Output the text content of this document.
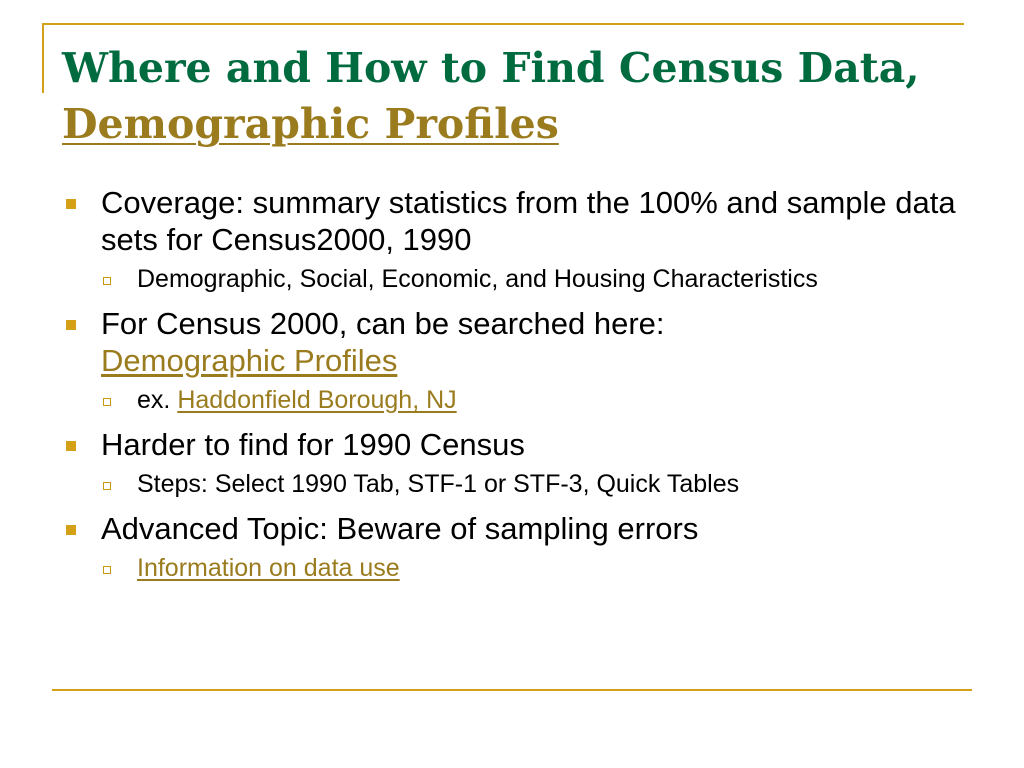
Where and How to Find Census Data,
Demographic Profiles
Coverage: summary statistics from the 100% and sample data sets for Census2000, 1990
Demographic, Social, Economic, and Housing Characteristics
For Census 2000, can be searched here:
Demographic Profiles
ex. Haddonfield Borough, NJ
Harder to find for 1990 Census
Steps: Select 1990 Tab, STF-1 or STF-3, Quick Tables
Advanced Topic: Beware of sampling errors
Information on data use
